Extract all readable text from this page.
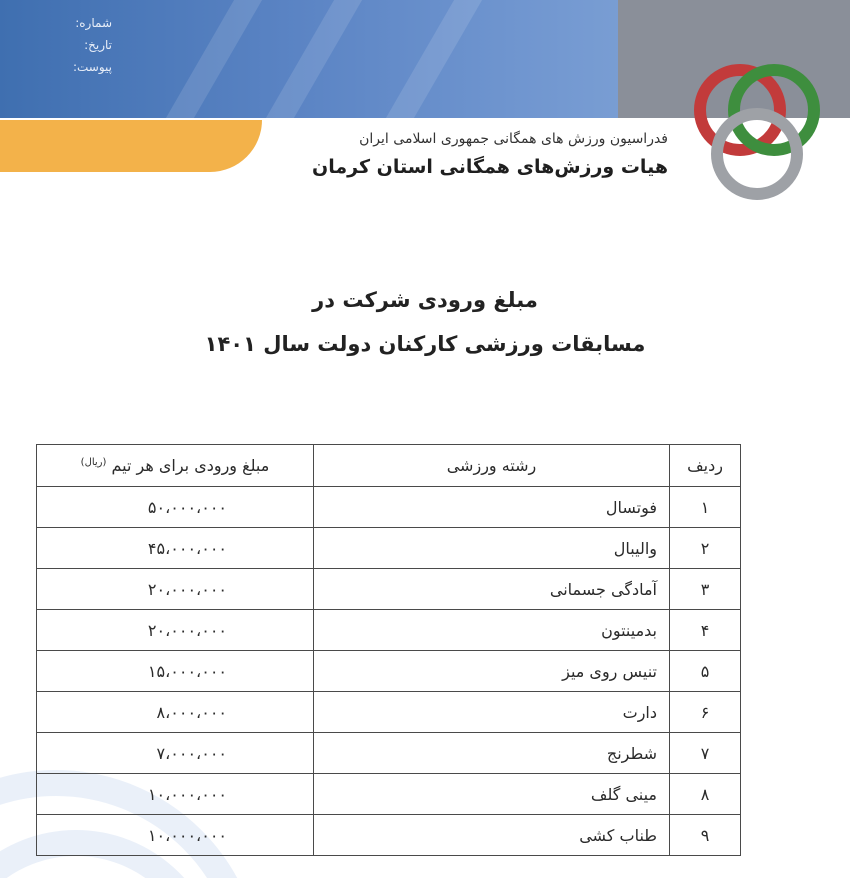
شماره:
تاریخ:
پیوست:
فدراسیون ورزش های همگانی جمهوری اسلامی ایران
هیات ورزش‌های همگانی استان کرمان
مبلغ ورودی شرکت در
مسابقات ورزشی کارکنان دولت سال ۱۴۰۱
ردیف	رشته ورزشی	مبلغ ورودی برای هر تیم $^{(ریال)}$
۱	فوتسال	۵۰،۰۰۰،۰۰۰
۲	والیبال	۴۵،۰۰۰،۰۰۰
۳	آمادگی جسمانی	۲۰،۰۰۰،۰۰۰
۴	بدمینتون	۲۰،۰۰۰،۰۰۰
۵	تنیس روی میز	۱۵،۰۰۰،۰۰۰
۶	دارت	۸،۰۰۰،۰۰۰
۷	شطرنج	۷،۰۰۰،۰۰۰
۸	مینی گلف	۱۰،۰۰۰،۰۰۰
۹	طناب کشی	۱۰،۰۰۰،۰۰۰
